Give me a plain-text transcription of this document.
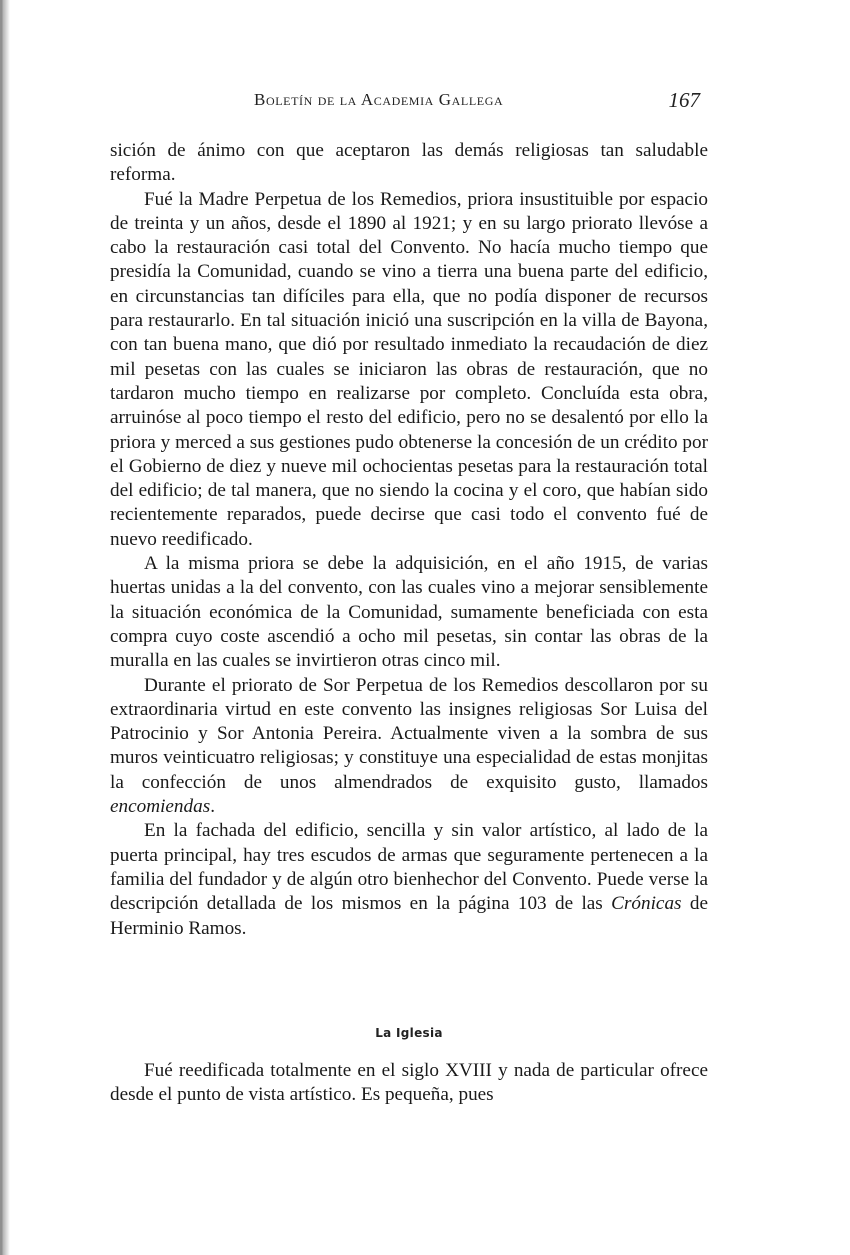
Boletín de la Academia Gallega	167

sición de ánimo con que aceptaron las demás religiosas tan saludable reforma.

Fué la Madre Perpetua de los Remedios, priora insustituible por espacio de treinta y un años, desde el 1890 al 1921; y en su largo priorato llevóse a cabo la restauración casi total del Convento. No hacía mucho tiempo que presidía la Comunidad, cuando se vino a tierra una buena parte del edificio, en circunstancias tan difíciles para ella, que no podía disponer de recursos para restaurarlo. En tal situación inició una suscripción en la villa de Bayona, con tan buena mano, que dió por resultado inmediato la recaudación de diez mil pesetas con las cuales se iniciaron las obras de restauración, que no tardaron mucho tiempo en realizarse por completo. Concluída esta obra, arruinóse al poco tiempo el resto del edificio, pero no se desalentó por ello la priora y merced a sus gestiones pudo obtenerse la concesión de un crédito por el Gobierno de diez y nueve mil ochocientas pesetas para la restauración total del edificio; de tal manera, que no siendo la cocina y el coro, que habían sido recientemente reparados, puede decirse que casi todo el convento fué de nuevo reedificado.

A la misma priora se debe la adquisición, en el año 1915, de varias huertas unidas a la del convento, con las cuales vino a mejorar sensiblemente la situación económica de la Comunidad, sumamente beneficiada con esta compra cuyo coste ascendió a ocho mil pesetas, sin contar las obras de la muralla en las cuales se invirtieron otras cinco mil.

Durante el priorato de Sor Perpetua de los Remedios descollaron por su extraordinaria virtud en este convento las insignes religiosas Sor Luisa del Patrocinio y Sor Antonia Pereira. Actualmente viven a la sombra de sus muros veinticuatro religiosas; y constituye una especialidad de estas monjitas la confección de unos almendrados de exquisito gusto, llamados encomiendas.

En la fachada del edificio, sencilla y sin valor artístico, al lado de la puerta principal, hay tres escudos de armas que seguramente pertenecen a la familia del fundador y de algún otro bienhechor del Convento. Puede verse la descripción detallada de los mismos en la página 103 de las Crónicas de Herminio Ramos.

La Iglesia

Fué reedificada totalmente en el siglo XVIII y nada de particular ofrece desde el punto de vista artístico. Es pequeña, pues
